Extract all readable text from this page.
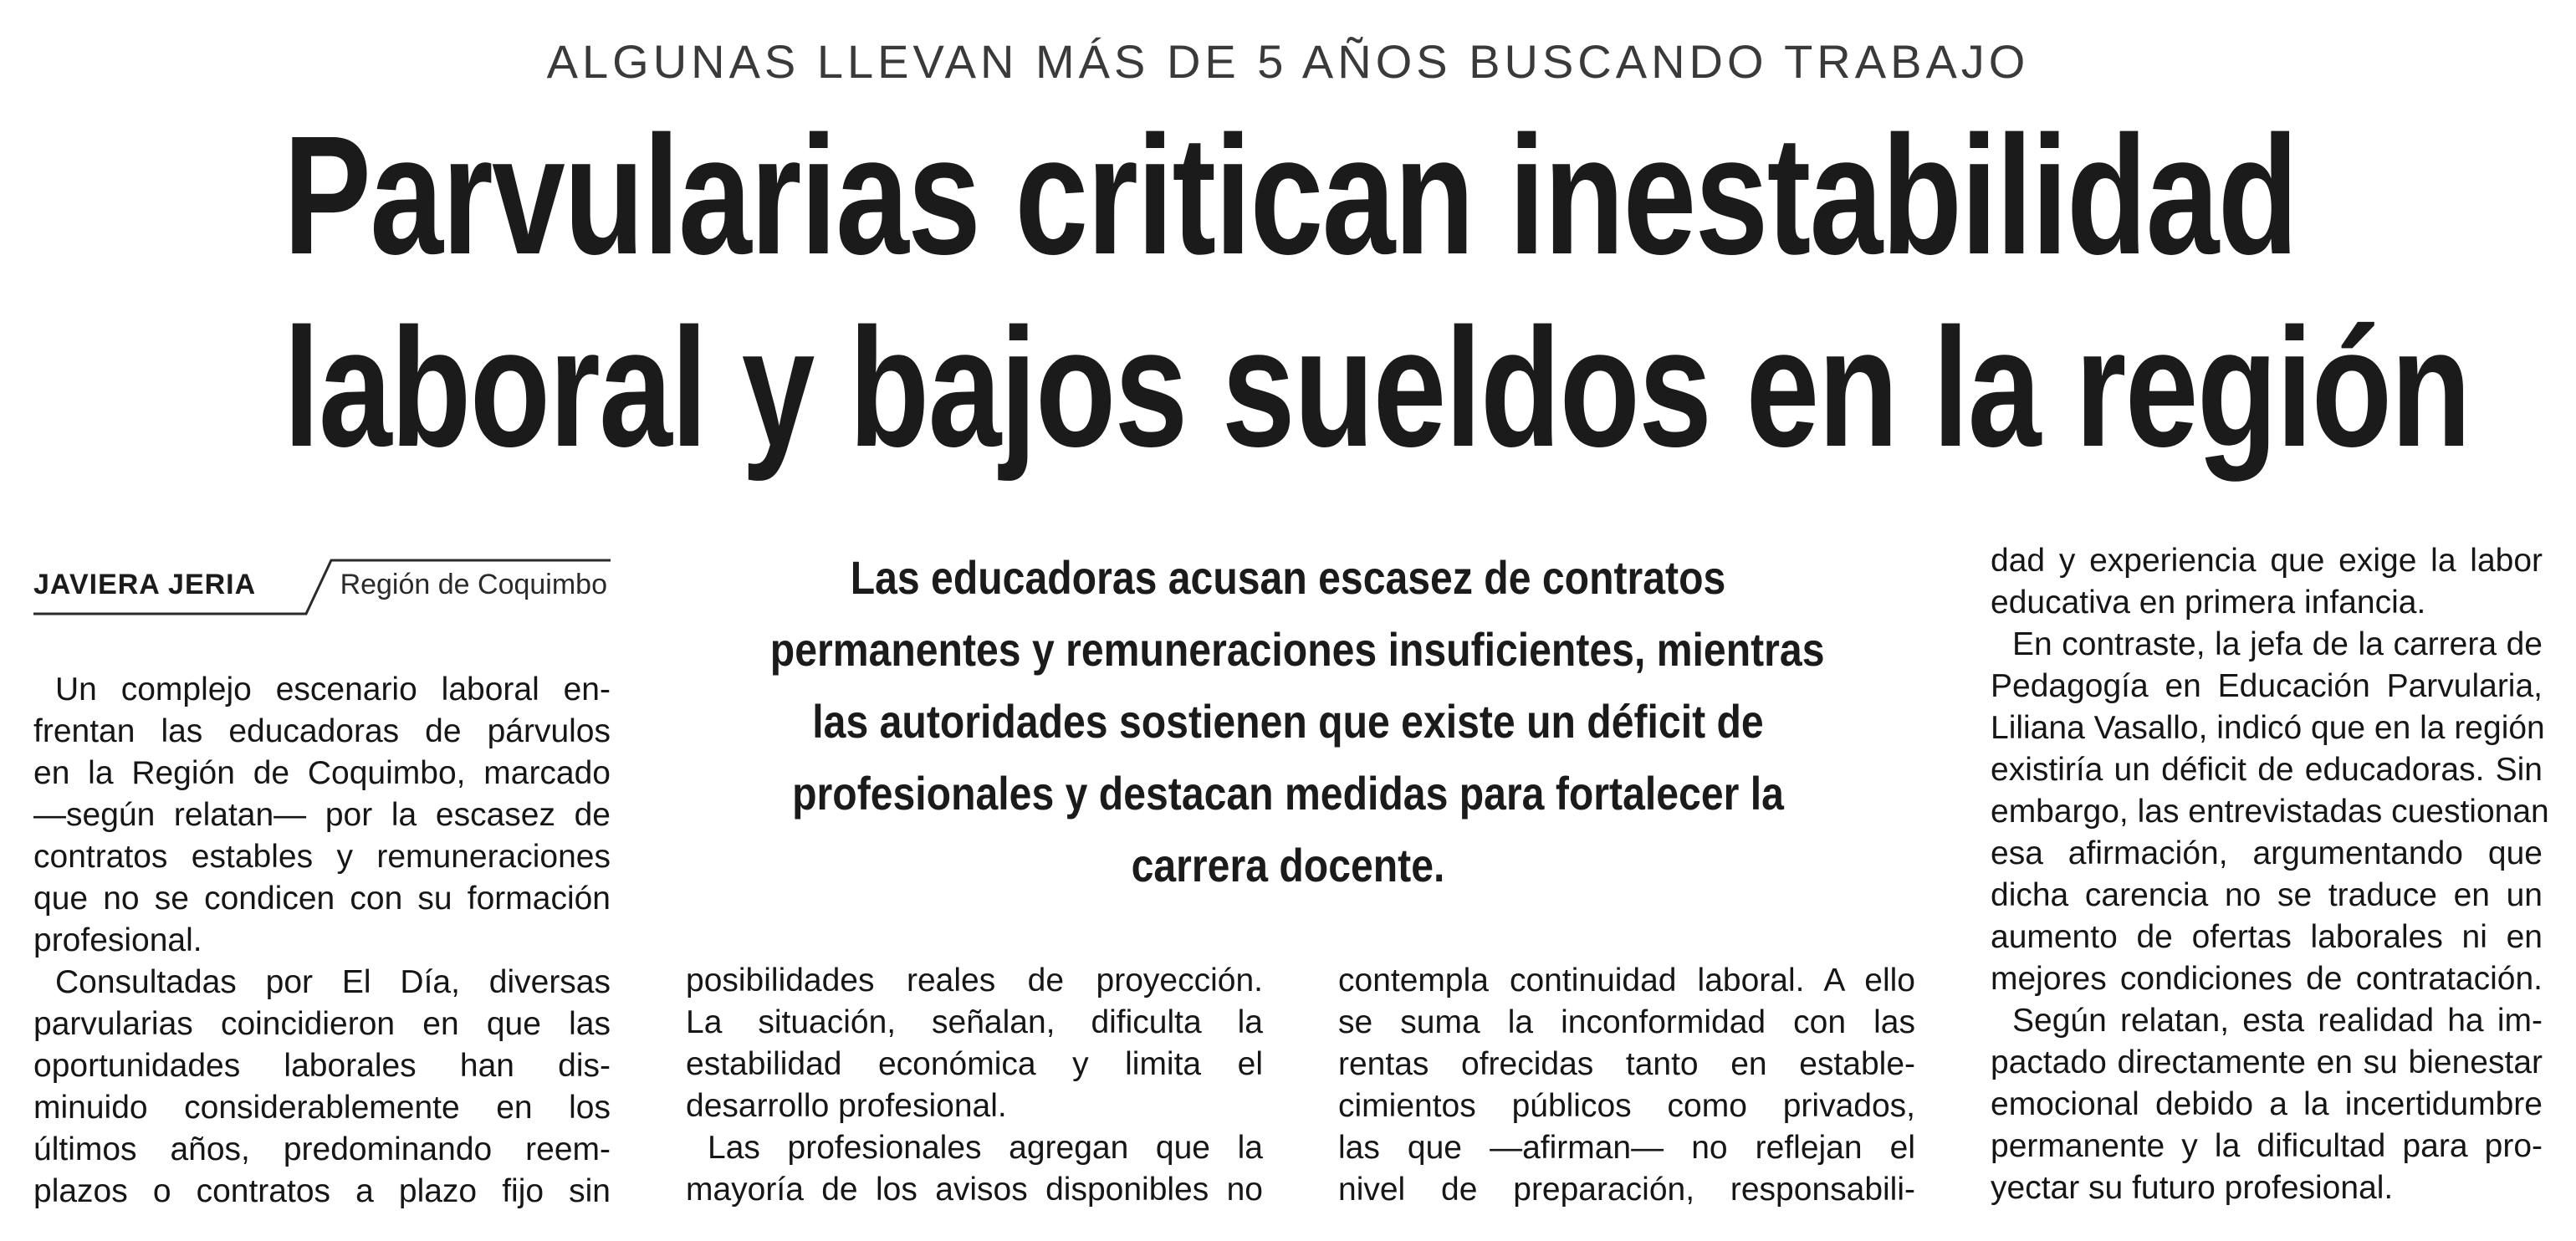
ALGUNAS LLEVAN MÁS DE 5 AÑOS BUSCANDO TRABAJO
Parvularias critican inestabilidad
laboral y bajos sueldos en la región
JAVIERA JERIA	Región de Coquimbo	Las educadoras acusan escasez de contratos
permanentes y remuneraciones insuficientes, mientras
las autoridades sostienen que existe un déficit de
profesionales y destacan medidas para fortalecer la
carrera docente.
Un complejo escenario laboral en-
frentan las educadoras de párvulos
en la Región de Coquimbo, marcado
—según relatan— por la escasez de
contratos estables y remuneraciones
que no se condicen con su formación
profesional.
Consultadas por El Día, diversas
parvularias coincidieron en que las
oportunidades laborales han dis-
minuido considerablemente en los
últimos años, predominando reem-
plazos o contratos a plazo fijo sin
posibilidades reales de proyección.
La situación, señalan, dificulta la
estabilidad económica y limita el
desarrollo profesional.
Las profesionales agregan que la
mayoría de los avisos disponibles no
contempla continuidad laboral. A ello
se suma la inconformidad con las
rentas ofrecidas tanto en estable-
cimientos públicos como privados,
las que —afirman— no reflejan el
nivel de preparación, responsabili-
dad y experiencia que exige la labor
educativa en primera infancia.
En contraste, la jefa de la carrera de
Pedagogía en Educación Parvularia,
Liliana Vasallo, indicó que en la región
existiría un déficit de educadoras. Sin
embargo, las entrevistadas cuestionan
esa afirmación, argumentando que
dicha carencia no se traduce en un
aumento de ofertas laborales ni en
mejores condiciones de contratación.
Según relatan, esta realidad ha im-
pactado directamente en su bienestar
emocional debido a la incertidumbre
permanente y la dificultad para pro-
yectar su futuro profesional.
